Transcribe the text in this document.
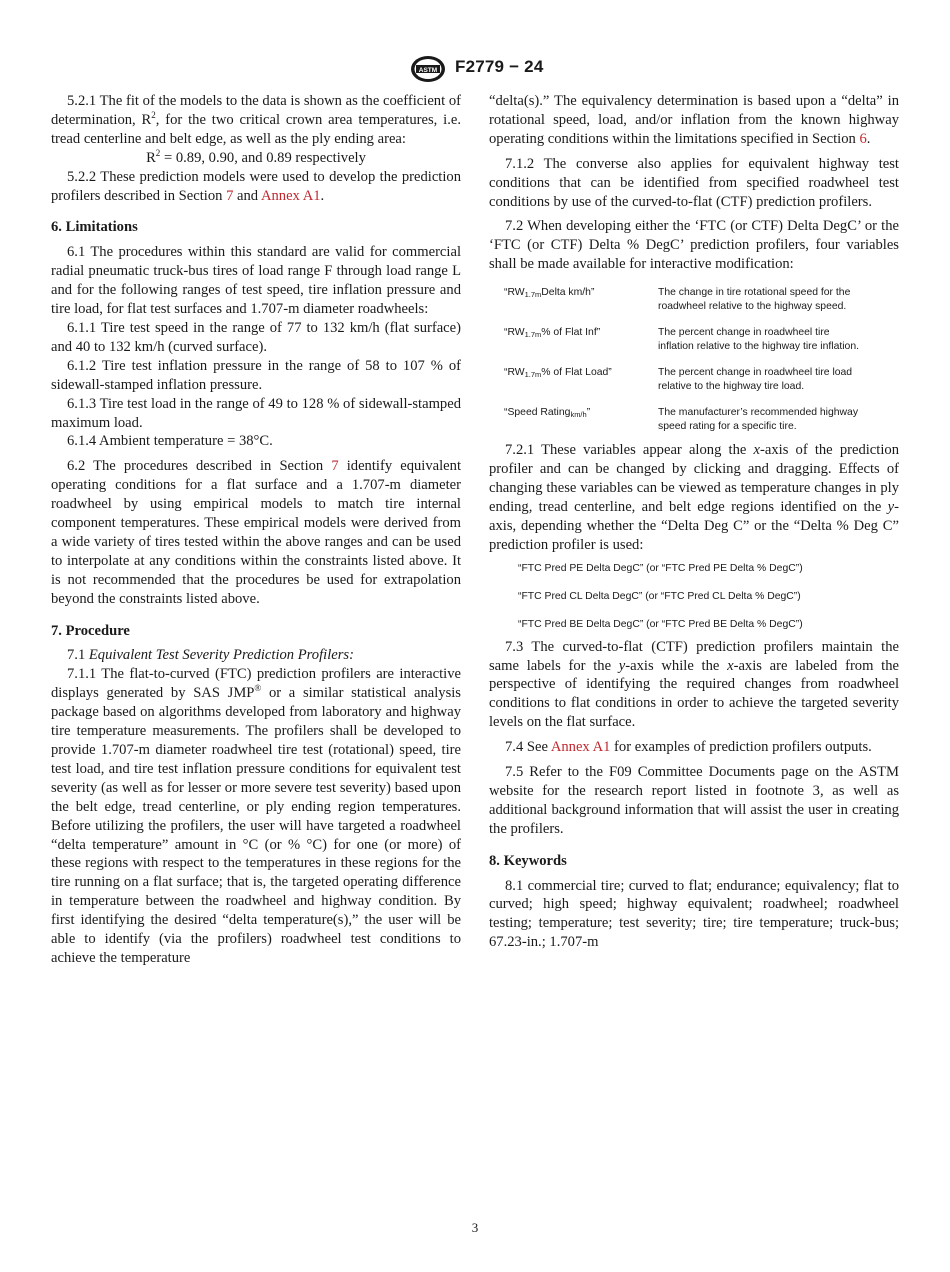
ASTM F2779 − 24

5.2.1 The fit of the models to the data is shown as the coefficient of determination, $R^2$, for the two critical crown area temperatures, i.e. tread centerline and belt edge, as well as the ply ending area:

$R^2 = 0.89$, 0.90, and 0.89 respectively

5.2.2 These prediction models were used to develop the prediction profilers described in Section 7 and Annex A1.

6. Limitations

6.1 The procedures within this standard are valid for commercial radial pneumatic truck-bus tires of load range F through load range L and for the following ranges of test speed, tire inflation pressure and tire load, for flat test surfaces and 1.707-m diameter roadwheels:

6.1.1 Tire test speed in the range of 77 to 132 km/h (flat surface) and 40 to 132 km/h (curved surface).

6.1.2 Tire test inflation pressure in the range of 58 to 107 % of sidewall-stamped inflation pressure.

6.1.3 Tire test load in the range of 49 to 128 % of sidewall-stamped maximum load.

6.1.4 Ambient temperature = 38°C.

6.2 The procedures described in Section 7 identify equivalent operating conditions for a flat surface and a 1.707-m diameter roadwheel by using empirical models to match tire internal component temperatures. These empirical models were derived from a wide variety of tires tested within the above ranges and can be used to interpolate at any conditions within the constraints listed above. It is not recommended that the procedures be used for extrapolation beyond the constraints listed above.

7. Procedure

7.1 Equivalent Test Severity Prediction Profilers:

7.1.1 The flat-to-curved (FTC) prediction profilers are interactive displays generated by SAS JMP® or a similar statistical analysis package based on algorithms developed from laboratory and highway tire temperature measurements. The profilers shall be developed to provide 1.707-m diameter roadwheel tire test (rotational) speed, tire test load, and tire test inflation pressure conditions for equivalent test severity (as well as for lesser or more severe test severity) based upon the belt edge, tread centerline, or ply ending region temperatures. Before utilizing the profilers, the user will have targeted a roadwheel “delta temperature” amount in °C (or % °C) for one (or more) of these regions with respect to the temperatures in these regions for the tire running on a flat surface; that is, the targeted operating difference in temperature between the roadwheel and highway condition. By first identifying the desired “delta temperature(s),” the user will be able to identify (via the profilers) roadwheel test conditions to achieve the temperature

“delta(s).” The equivalency determination is based upon a “delta” in rotational speed, load, and/or inflation from the known highway operating conditions within the limitations specified in Section 6.

7.1.2 The converse also applies for equivalent highway test conditions that can be identified from specified roadwheel test conditions by use of the curved-to-flat (CTF) prediction profilers.

7.2 When developing either the ‘FTC (or CTF) Delta DegC’ or the ‘FTC (or CTF) Delta % DegC’ prediction profilers, four variables shall be made available for interactive modification:

“RW1.7mDelta km/h”	The change in tire rotational speed for the roadwheel relative to the highway speed.
“RW1.7m% of Flat Inf”	The percent change in roadwheel tire inflation relative to the highway tire inflation.
“RW1.7m% of Flat Load”	The percent change in roadwheel tire load relative to the highway tire load.
“Speed Ratingkm/h”	The manufacturer’s recommended highway speed rating for a specific tire.

7.2.1 These variables appear along the x-axis of the prediction profiler and can be changed by clicking and dragging. Effects of changing these variables can be viewed as temperature changes in ply ending, tread centerline, and belt edge regions identified on the y-axis, depending whether the “Delta Deg C” or the “Delta % Deg C” prediction profiler is used:

“FTC Pred PE Delta DegC” (or “FTC Pred PE Delta % DegC”)
“FTC Pred CL Delta DegC” (or “FTC Pred CL Delta % DegC”)
“FTC Pred BE Delta DegC” (or “FTC Pred BE Delta % DegC”)

7.3 The curved-to-flat (CTF) prediction profilers maintain the same labels for the y-axis while the x-axis are labeled from the perspective of identifying the required changes from roadwheel conditions to flat conditions in order to achieve the targeted severity levels on the flat surface.

7.4 See Annex A1 for examples of prediction profilers outputs.

7.5 Refer to the F09 Committee Documents page on the ASTM website for the research report listed in footnote 3, as well as additional background information that will assist the user in creating the profilers.

8. Keywords

8.1 commercial tire; curved to flat; endurance; equivalency; flat to curved; high speed; highway equivalent; roadwheel; roadwheel testing; temperature; test severity; tire; tire temperature; truck-bus; 67.23-in.; 1.707-m

3
